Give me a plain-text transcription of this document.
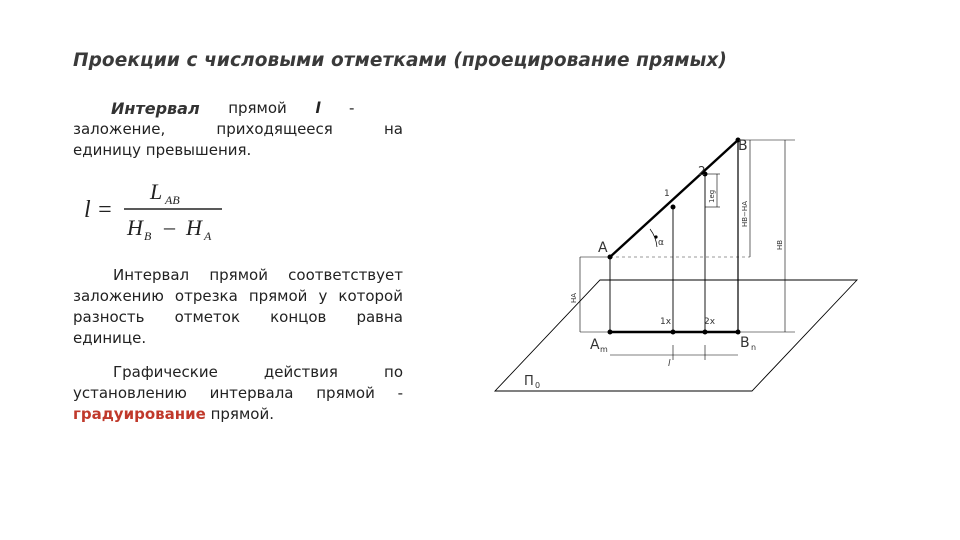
Проекции с числовыми отметками (проецирование прямых)
Интервал прямой l -
заложение,	приходящееся	на
единицу превышения.
l =
L AB
H B – H A
Интервал прямой соответствует заложению отрезка прямой у которой разность отметок концов равна единице.
Графические действия по установлению интервала прямой - градуирование прямой.
A
B
1
2
A m	B n
1x	2x
l
П 0
α
HA
HB
1eg
HB−HA
